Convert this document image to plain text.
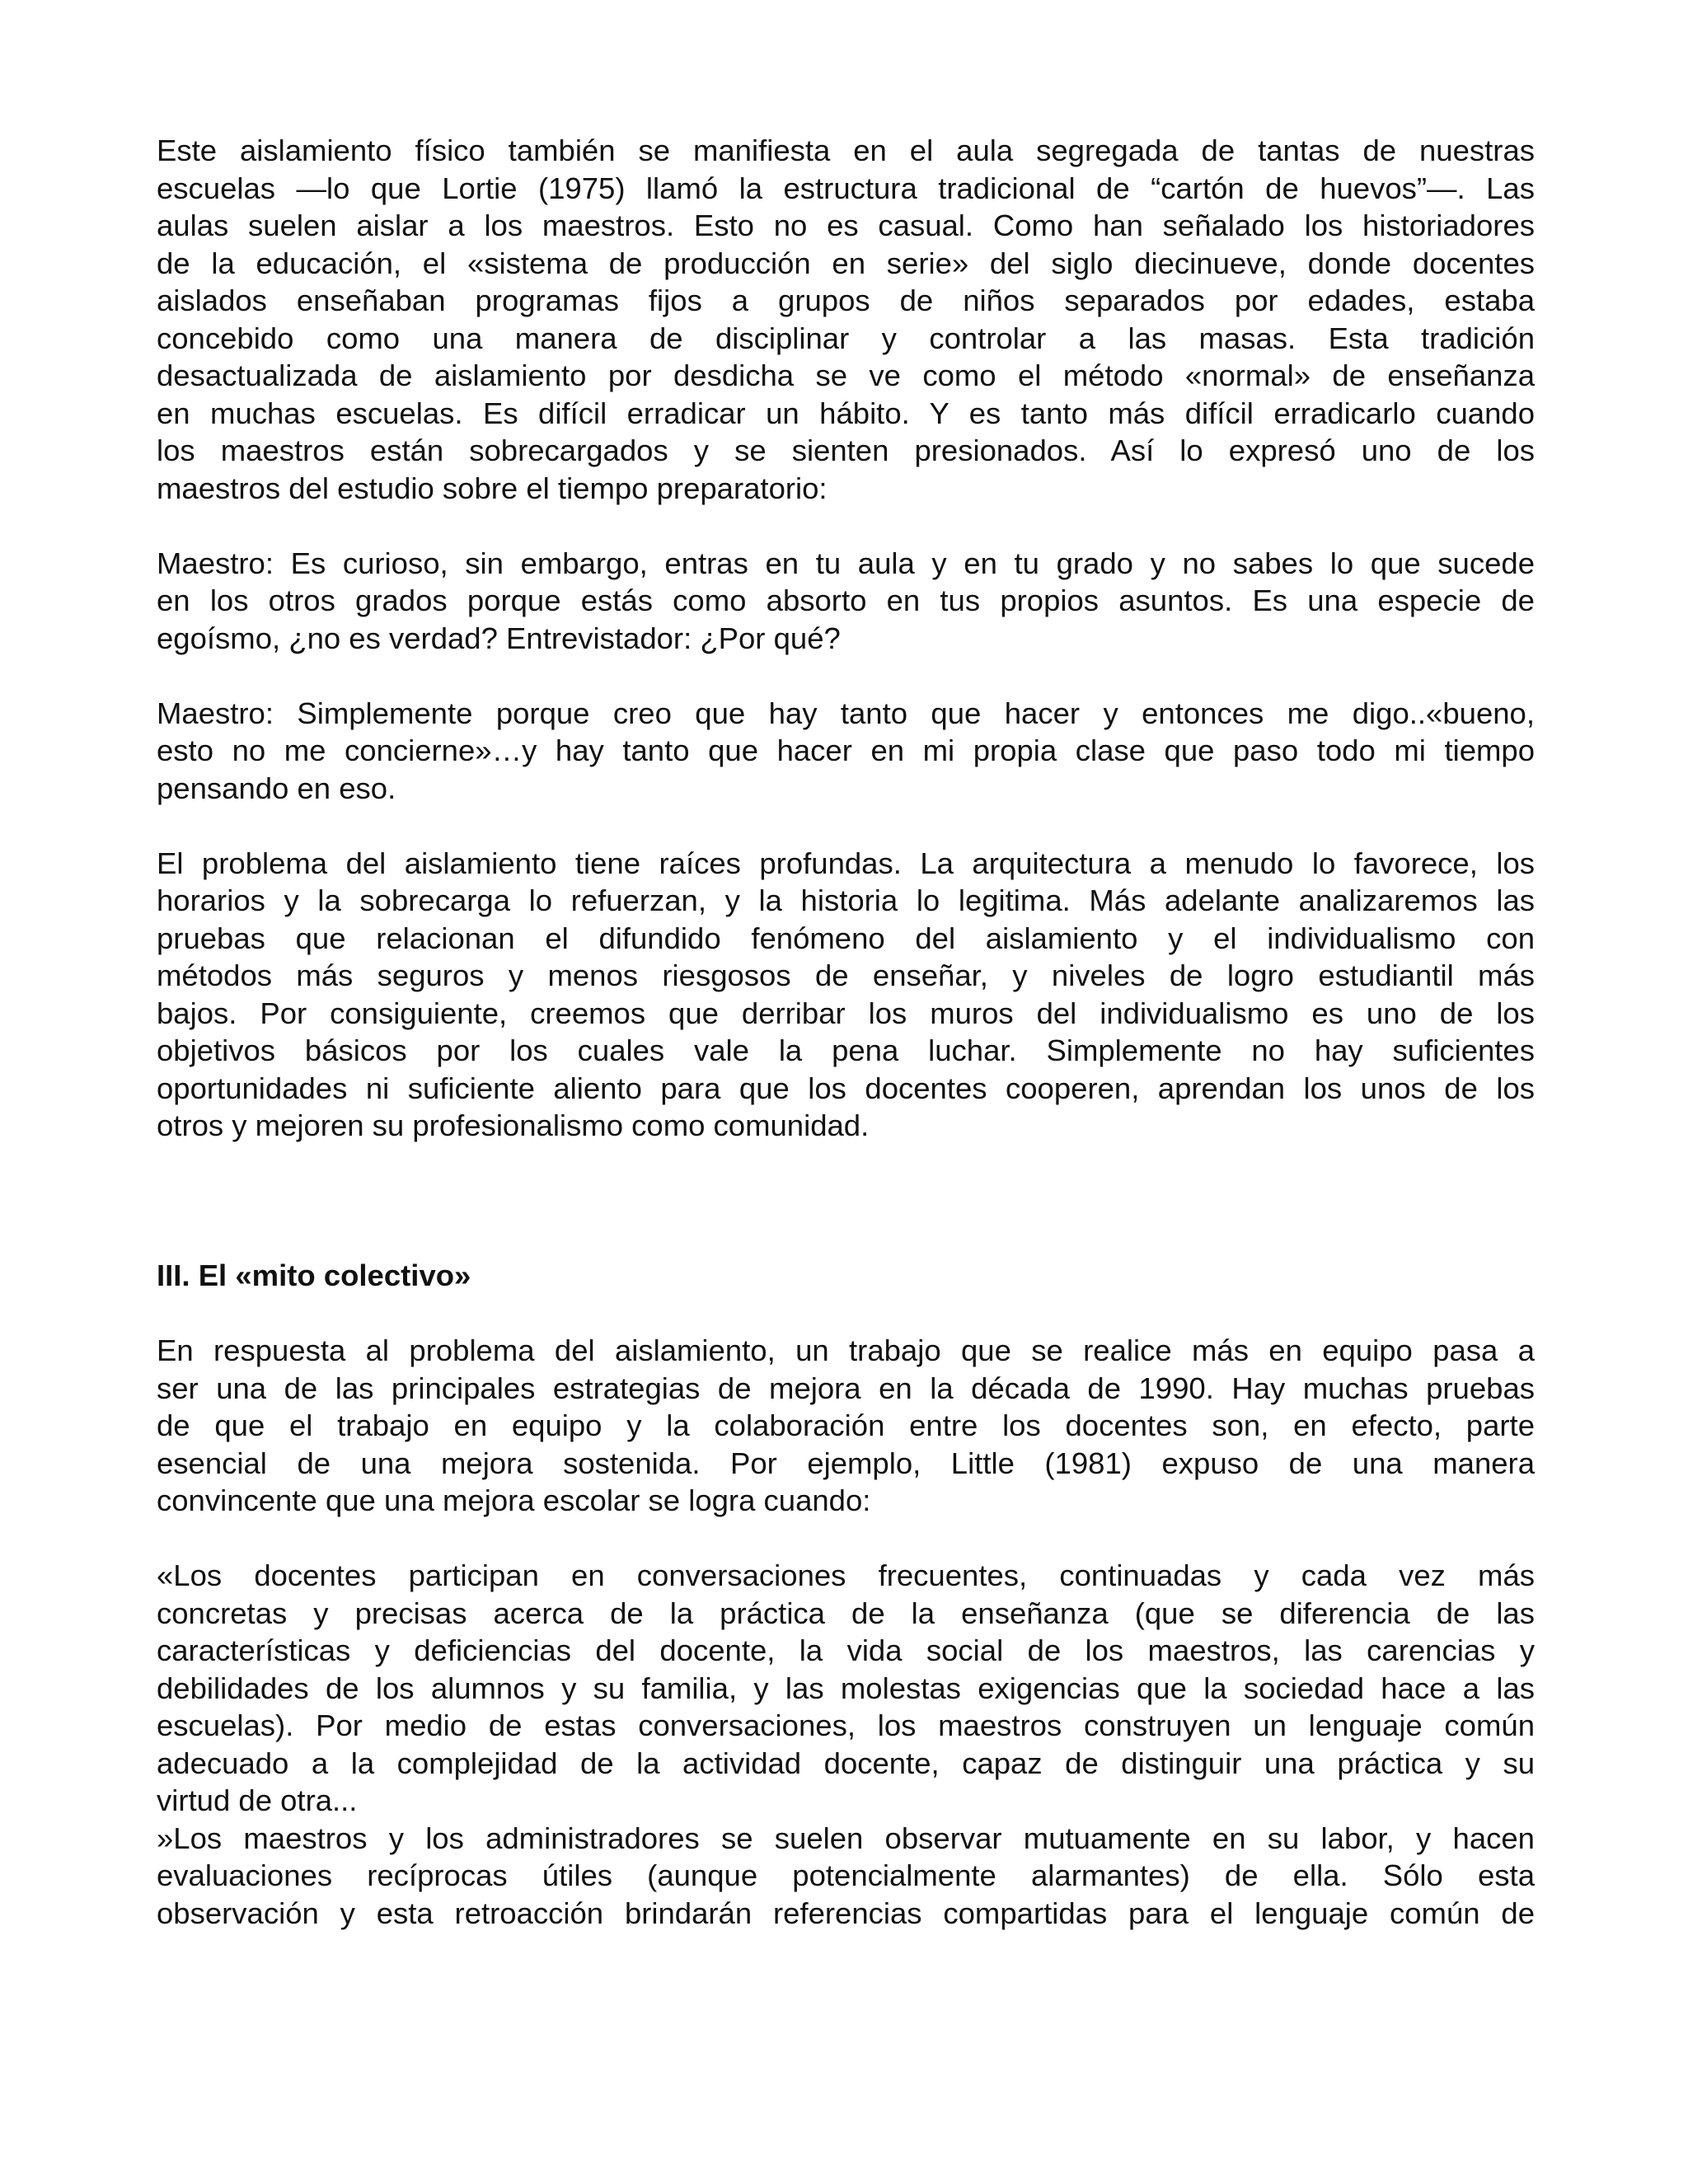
Este aislamiento físico también se manifiesta en el aula segregada de tantas de nuestras
escuelas —lo que Lortie (1975) llamó la estructura tradicional de “cartón de huevos”—. Las
aulas suelen aislar a los maestros. Esto no es casual. Como han señalado los historiadores
de la educación, el «sistema de producción en serie» del siglo diecinueve, donde docentes
aislados enseñaban programas fijos a grupos de niños separados por edades, estaba
concebido como una manera de disciplinar y controlar a las masas. Esta tradición
desactualizada de aislamiento por desdicha se ve como el método «normal» de enseñanza
en muchas escuelas. Es difícil erradicar un hábito. Y es tanto más difícil erradicarlo cuando
los maestros están sobrecargados y se sienten presionados. Así lo expresó uno de los
maestros del estudio sobre el tiempo preparatorio:
Maestro: Es curioso, sin embargo, entras en tu aula y en tu grado y no sabes lo que sucede
en los otros grados porque estás como absorto en tus propios asuntos. Es una especie de
egoísmo, ¿no es verdad? Entrevistador: ¿Por qué?
Maestro: Simplemente porque creo que hay tanto que hacer y entonces me digo..«bueno,
esto no me concierne»…y hay tanto que hacer en mi propia clase que paso todo mi tiempo
pensando en eso.
El problema del aislamiento tiene raíces profundas. La arquitectura a menudo lo favorece, los
horarios y la sobrecarga lo refuerzan, y la historia lo legitima. Más adelante analizaremos las
pruebas que relacionan el difundido fenómeno del aislamiento y el individualismo con
métodos más seguros y menos riesgosos de enseñar, y niveles de logro estudiantil más
bajos. Por consiguiente, creemos que derribar los muros del individualismo es uno de los
objetivos básicos por los cuales vale la pena luchar. Simplemente no hay suficientes
oportunidades ni suficiente aliento para que los docentes cooperen, aprendan los unos de los
otros y mejoren su profesionalismo como comunidad.
III. El «mito colectivo»
En respuesta al problema del aislamiento, un trabajo que se realice más en equipo pasa a
ser una de las principales estrategias de mejora en la década de 1990. Hay muchas pruebas
de que el trabajo en equipo y la colaboración entre los docentes son, en efecto, parte
esencial de una mejora sostenida. Por ejemplo, Little (1981) expuso de una manera
convincente que una mejora escolar se logra cuando:
«Los docentes participan en conversaciones frecuentes, continuadas y cada vez más
concretas y precisas acerca de la práctica de la enseñanza (que se diferencia de las
características y deficiencias del docente, la vida social de los maestros, las carencias y
debilidades de los alumnos y su familia, y las molestas exigencias que la sociedad hace a las
escuelas). Por medio de estas conversaciones, los maestros construyen un lenguaje común
adecuado a la complejidad de la actividad docente, capaz de distinguir una práctica y su
virtud de otra...
»Los maestros y los administradores se suelen observar mutuamente en su labor, y hacen
evaluaciones recíprocas útiles (aunque potencialmente alarmantes) de ella. Sólo esta
observación y esta retroacción brindarán referencias compartidas para el lenguaje común de
